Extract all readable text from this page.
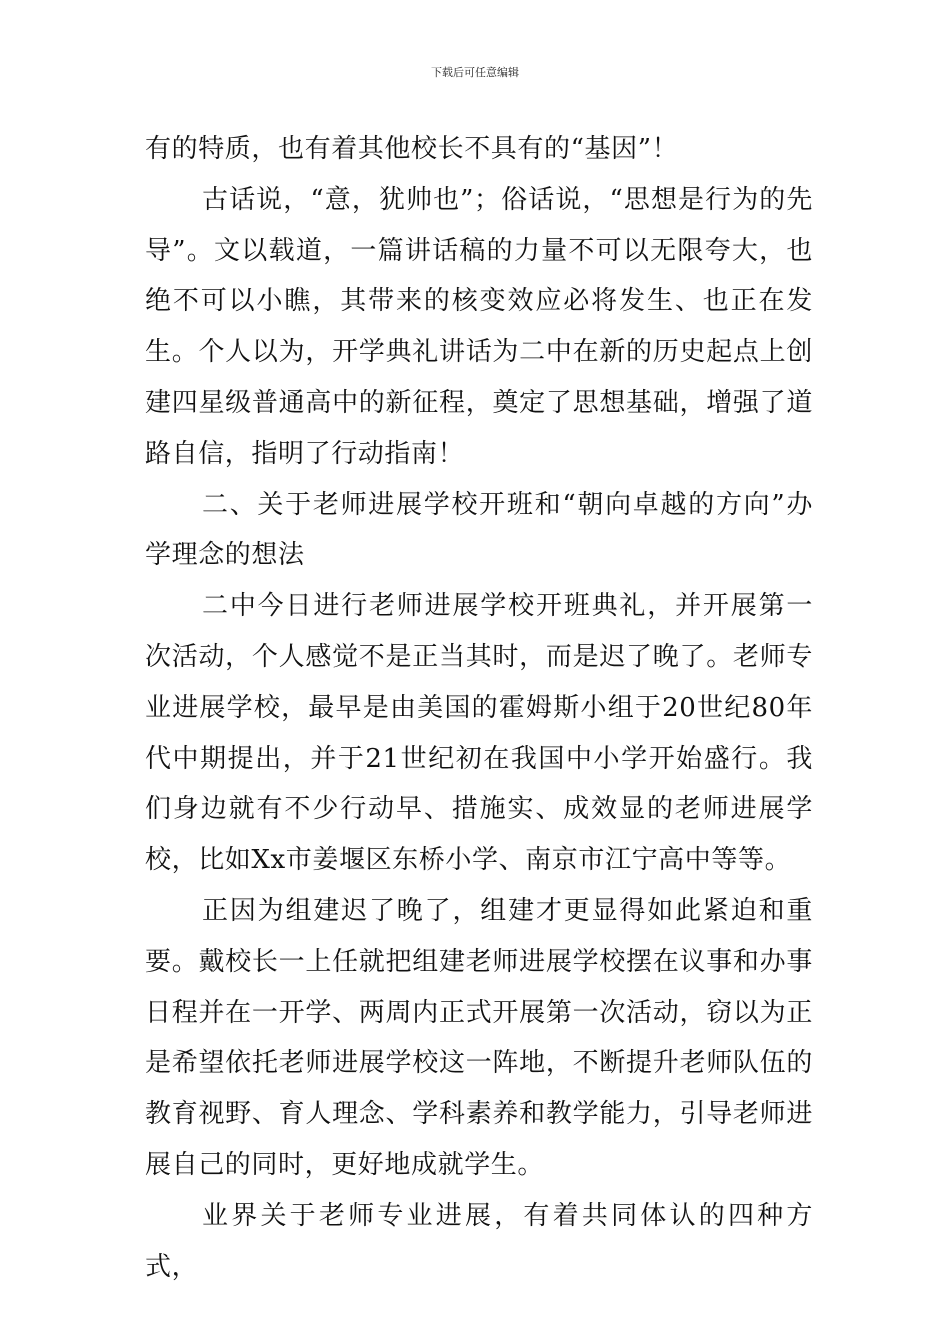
下载后可任意编辑

有的特质，也有着其他校长不具有的“基因”！

古话说，“意，犹帅也”；俗话说，“思想是行为的先导”。文以载道，一篇讲话稿的力量不可以无限夸大，也绝不可以小瞧，其带来的核变效应必将发生、也正在发生。个人以为，开学典礼讲话为二中在新的历史起点上创建四星级普通高中的新征程，奠定了思想基础，增强了道路自信，指明了行动指南！

二、关于老师进展学校开班和“朝向卓越的方向”办学理念的想法

二中今日进行老师进展学校开班典礼，并开展第一次活动，个人感觉不是正当其时，而是迟了晚了。老师专业进展学校，最早是由美国的霍姆斯小组于20世纪80年代中期提出，并于21世纪初在我国中小学开始盛行。我们身边就有不少行动早、措施实、成效显的老师进展学校，比如Xx市姜堰区东桥小学、南京市江宁高中等等。

正因为组建迟了晚了，组建才更显得如此紧迫和重要。戴校长一上任就把组建老师进展学校摆在议事和办事日程并在一开学、两周内正式开展第一次活动，窃以为正是希望依托老师进展学校这一阵地，不断提升老师队伍的教育视野、育人理念、学科素养和教学能力，引导老师进展自己的同时，更好地成就学生。

业界关于老师专业进展，有着共同体认的四种方式，
